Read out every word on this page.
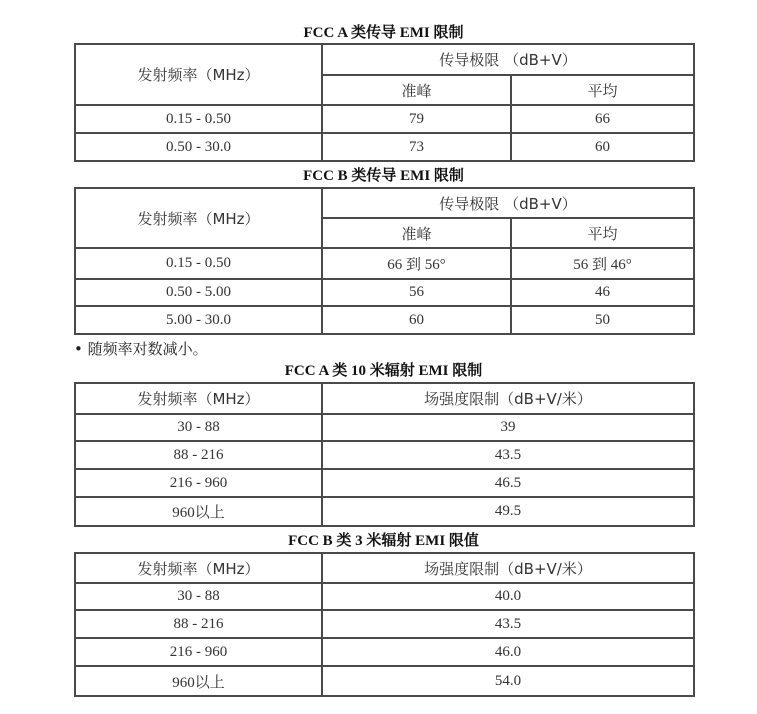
FCC A 类传导 EMI 限制
发射频率（MHz）	传导极限 （dB+V）	
	准峰	平均
0.15 - 0.50	79	66
0.50 - 30.0	73	60
FCC B 类传导 EMI 限制
发射频率（MHz）	传导极限 （dB+V）	
	准峰	平均
0.15 - 0.50	66 到 56°	56 到 46°
0.50 - 5.00	56	46
5.00 - 30.0	60	50
• 随频率对数减小。
FCC A 类 10 米辐射 EMI 限制
发射频率（MHz）	场强度限制（dB+V/米）
30 - 88	39
88 - 216	43.5
216 - 960	46.5
960以上	49.5
FCC B 类 3 米辐射 EMI 限值
发射频率（MHz）	场强度限制（dB+V/米）
30 - 88	40.0
88 - 216	43.5
216 - 960	46.0
960以上	54.0
